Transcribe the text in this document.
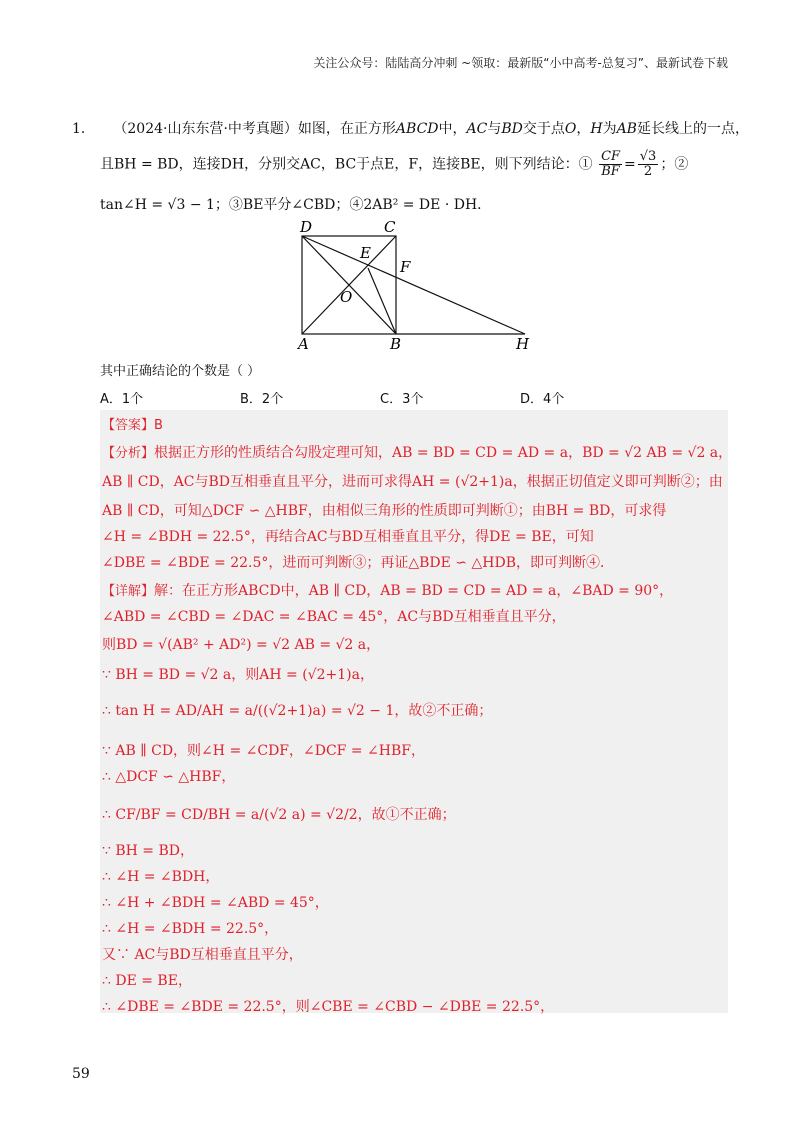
关注公众号：陆陆高分冲刺 ~领取：最新版“小中高考-总复习”、最新试卷下载
1． （2024·山东东营·中考真题）如图，在正方形ABCD中，AC与BD交于点O，H为AB延长线上的一点，
且BH = BD，连接DH，分别交AC，BC于点E，F，连接BE，则下列结论：① $\frac{CF}{BF} = \frac{√3}{2}$ ；②
tan∠H = √3 − 1；③BE平分∠CBD；④2AB² = DE · DH．
D	C
E
F
O
A	B	H
其中正确结论的个数是（ ）
A．1个	B．2个	C．3个	D．4个
【答案】B
【分析】根据正方形的性质结合勾股定理可知，AB = BD = CD = AD = a，BD = √2 AB = √2 a，
AB ∥ CD，AC与BD互相垂直且平分，进而可求得AH = (√2+1)a，根据正切值定义即可判断②；由
AB ∥ CD，可知△DCF ∽ △HBF，由相似三角形的性质即可判断①；由BH = BD，可求得
∠H = ∠BDH = 22.5°，再结合AC与BD互相垂直且平分，得DE = BE，可知
∠DBE = ∠BDE = 22.5°，进而可判断③；再证△BDE ∽ △HDB，即可判断④．
【详解】解：在正方形ABCD中，AB ∥ CD，AB = BD = CD = AD = a，∠BAD = 90°，
∠ABD = ∠CBD = ∠DAC = ∠BAC = 45°，AC与BD互相垂直且平分，
则BD = √(AB² + AD²) = √2 AB = √2 a，
∵ BH = BD = √2 a，则AH = (√2+1)a，
∴ tan H = AD/AH = a/((√2+1)a) = √2 − 1，故②不正确；
∵ AB ∥ CD，则∠H = ∠CDF，∠DCF = ∠HBF，
∴ △DCF ∽ △HBF，
∴ CF/BF = CD/BH = a/(√2 a) = √2/2，故①不正确；
∵ BH = BD，
∴ ∠H = ∠BDH，
∴ ∠H + ∠BDH = ∠ABD = 45°，
∴ ∠H = ∠BDH = 22.5°，
又∵ AC与BD互相垂直且平分，
∴ DE = BE，
∴ ∠DBE = ∠BDE = 22.5°，则∠CBE = ∠CBD − ∠DBE = 22.5°，
59
